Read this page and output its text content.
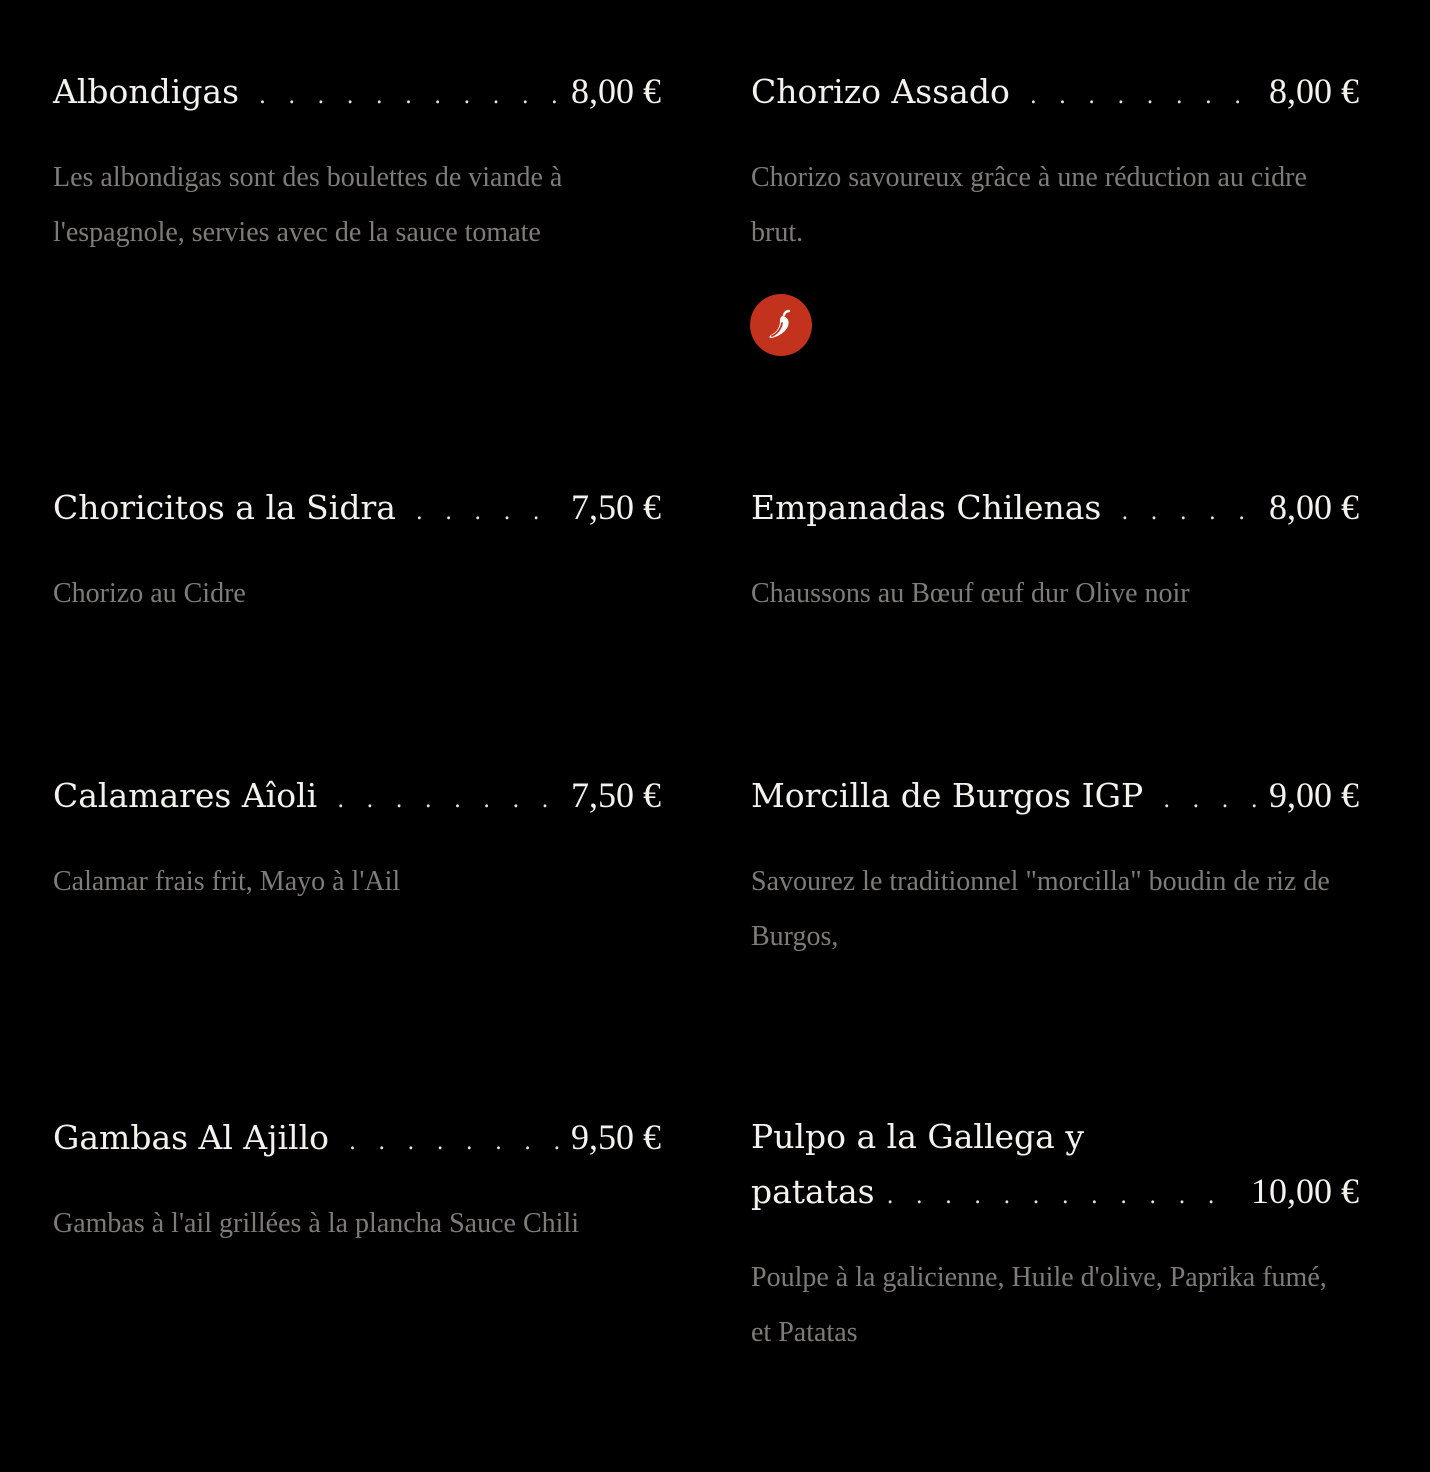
Albondigas . . .	8,00 €

Les albondigas sont des boulettes de viande à l'espagnole, servies avec de la sauce tomate

Chorizo Assado . . .	8,00 €

Chorizo savoureux grâce à une réduction au cidre brut.

Choricitos a la Sidra . . .	7,50 €

Chorizo au Cidre

Empanadas Chilenas . . .	8,00 €

Chaussons au Bœuf œuf dur Olive noir

Calamares Aîoli . . .	7,50 €

Calamar frais frit, Mayo à l'Ail

Morcilla de Burgos IGP . . .	9,00 €

Savourez le traditionnel "morcilla" boudin de riz de Burgos,

Gambas Al Ajillo . . .	9,50 €

Gambas à l'ail grillées à la plancha Sauce Chili

Pulpo a la Gallega y
patatas . . .	10,00 €

Poulpe à la galicienne, Huile d'olive, Paprika fumé, et Patatas
